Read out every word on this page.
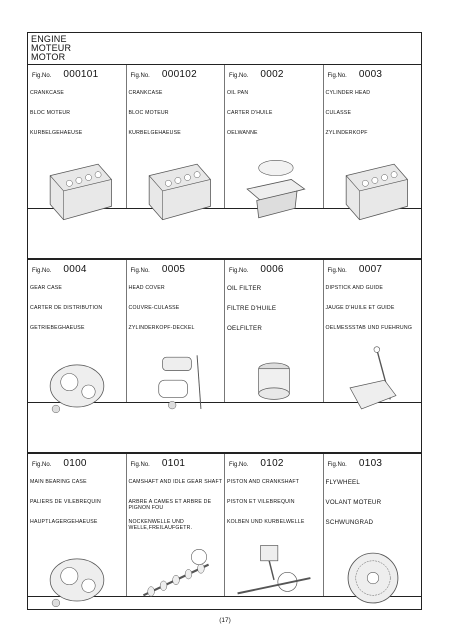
ENGINE
MOTEUR
MOTOR
Fig.No. 000101
CRANKCASE
BLOC MOTEUR
KURBELGEHAEUSE
Fig.No. 000102
CRANKCASE
BLOC MOTEUR
KURBELGEHAEUSE
Fig.No. 0002
OIL PAN
CARTER D'HUILE
OELWANNE
Fig.No. 0003
CYLINDER HEAD
CULASSE
ZYLINDERKOPF
Fig.No. 0004
GEAR CASE
CARTER DE DISTRIBUTION
GETRIEBEGHAEUSE
Fig.No. 0005
HEAD COVER
COUVRE-CULASSE
ZYLINDERKOPF-DECKEL
Fig.No. 0006
OIL FILTER
FILTRE D'HUILE
OELFILTER
Fig.No. 0007
DIPSTICK AND GUIDE
JAUGE D'HUILE ET GUIDE
OELMESSSTAB UND FUEHRUNG
Fig.No. 0100
MAIN BEARING CASE
PALIERS DE VILEBREQUIN
HAUPTLAGERGEHAEUSE
Fig.No. 0101
CAMSHAFT AND IDLE GEAR SHAFT
ARBRE A CAMES ET ARBRE DE PIGNON FOU
NOCKENWELLE UND WELLE,FREILAUFGETR.
Fig.No. 0102
PISTON AND CRANKSHAFT
PISTON ET VILEBREQUIN
KOLBEN UND KURBELWELLE
Fig.No. 0103
FLYWHEEL
VOLANT MOTEUR
SCHWUNGRAD
(17)
